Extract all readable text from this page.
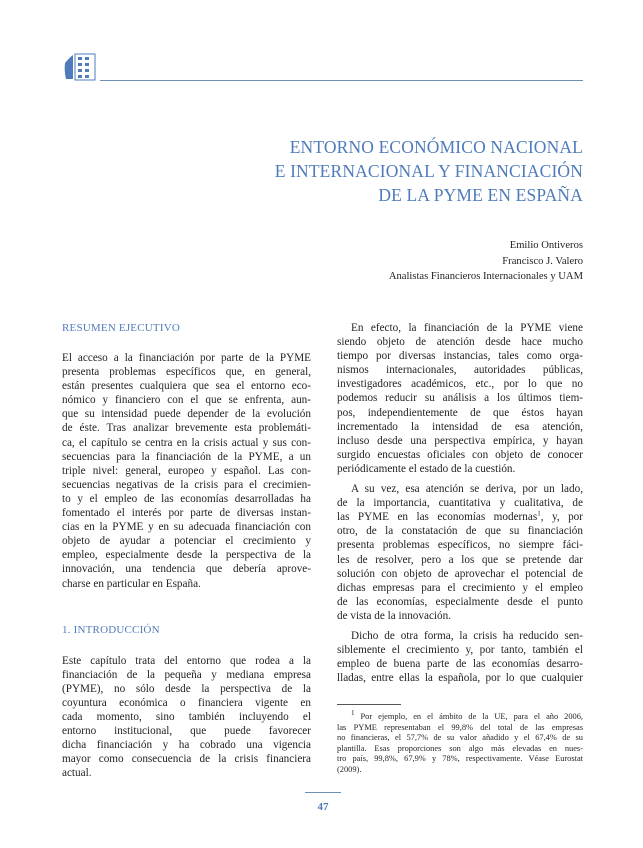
ENTORNO ECONÓMICO NACIONAL
E INTERNACIONAL Y FINANCIACIÓN
DE LA PYME EN ESPAÑA
Emilio Ontiveros
Francisco J. Valero
Analistas Financieros Internacionales y UAM
RESUMEN EJECUTIVO

El acceso a la financiación por parte de la PYME
presenta problemas específicos que, en general,
están presentes cualquiera que sea el entorno eco-
nómico y financiero con el que se enfrenta, aun-
que su intensidad puede depender de la evolución
de éste. Tras analizar brevemente esta problemáti-
ca, el capítulo se centra en la crisis actual y sus con-
secuencias para la financiación de la PYME, a un
triple nivel: general, europeo y español. Las con-
secuencias negativas de la crisis para el crecimien-
to y el empleo de las economías desarrolladas ha
fomentado el interés por parte de diversas instan-
cias en la PYME y en su adecuada financiación con
objeto de ayudar a potenciar el crecimiento y
empleo, especialmente desde la perspectiva de la
innovación, una tendencia que debería aprove-
charse en particular en España.

1. INTRODUCCIÓN

Este capítulo trata del entorno que rodea a la
financiación de la pequeña y mediana empresa
(PYME), no sólo desde la perspectiva de la
coyuntura económica o financiera vigente en
cada momento, sino también incluyendo el
entorno institucional, que puede favorecer
dicha financiación y ha cobrado una vigencia
mayor como consecuencia de la crisis financiera
actual.

En efecto, la financiación de la PYME viene
siendo objeto de atención desde hace mucho
tiempo por diversas instancias, tales como orga-
nismos internacionales, autoridades públicas,
investigadores académicos, etc., por lo que no
podemos reducir su análisis a los últimos tiem-
pos, independientemente de que éstos hayan
incrementado la intensidad de esa atención,
incluso desde una perspectiva empírica, y hayan
surgido encuestas oficiales con objeto de conocer
periódicamente el estado de la cuestión.

A su vez, esa atención se deriva, por un lado,
de la importancia, cuantitativa y cualitativa, de
las PYME en las economías modernas$^1$, y, por
otro, de la constatación de que su financiación
presenta problemas específicos, no siempre fáci-
les de resolver, pero a los que se pretende dar
solución con objeto de aprovechar el potencial de
dichas empresas para el crecimiento y el empleo
de las economías, especialmente desde el punto
de vista de la innovación.

Dicho de otra forma, la crisis ha reducido sen-
siblemente el crecimiento y, por tanto, también el
empleo de buena parte de las economías desarro-
lladas, entre ellas la española, por lo que cualquier

$^1$ Por ejemplo, en el ámbito de la UE, para el año 2006,
las PYME representaban el 99,8% del total de las empresas
no financieras, el 57,7% de su valor añadido y el 67,4% de su
plantilla. Esas proporciones son algo más elevadas en nues-
tro país, 99,8%, 67,9% y 78%, respectivamente. Véase Eurostat
(2009).
47
